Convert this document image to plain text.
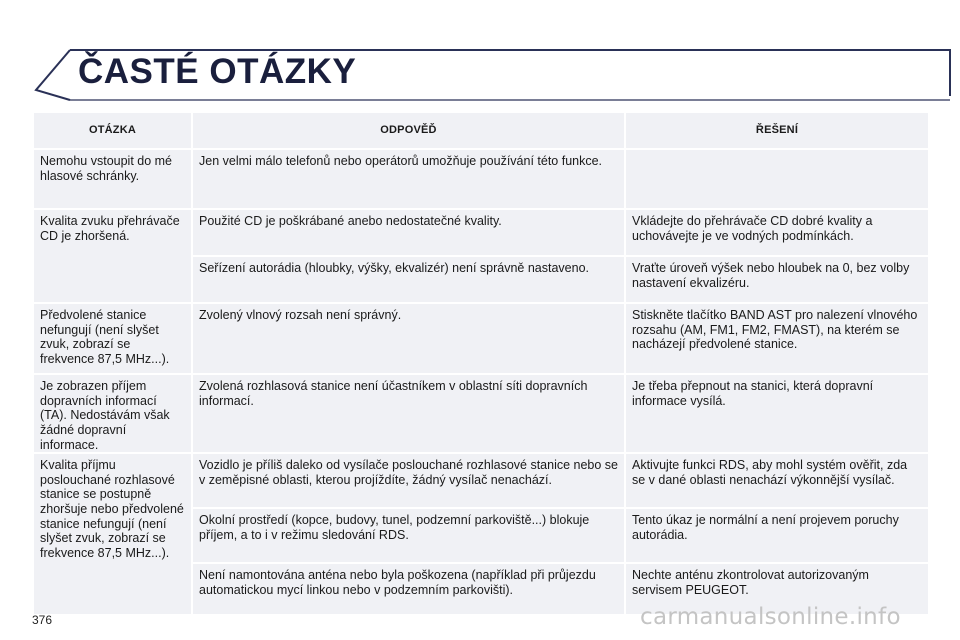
ČASTÉ OTÁZKY
OTÁZKA	ODPOVĚĎ	ŘEŠENÍ
Nemohu vstoupit do mé hlasové schránky.	Jen velmi málo telefonů nebo operátorů umožňuje používání této funkce.	
Kvalita zvuku přehrávače CD je zhoršená.	Použité CD je poškrábané anebo nedostatečné kvality.	Vkládejte do přehrávače CD dobré kvality a uchovávejte je ve vodných podmínkách.
	Seřízení autorádia (hloubky, výšky, ekvalizér) není správně nastaveno.	Vraťte úroveň výšek nebo hloubek na 0, bez volby nastavení ekvalizéru.
Předvolené stanice nefungují (není slyšet zvuk, zobrazí se frekvence 87,5 MHz...).	Zvolený vlnový rozsah není správný.	Stiskněte tlačítko BAND AST pro nalezení vlnového rozsahu (AM, FM1, FM2, FMAST), na kterém se nacházejí předvolené stanice.
Je zobrazen příjem dopravních informací (TA). Nedostávám však žádné dopravní informace.	Zvolená rozhlasová stanice není účastníkem v oblastní síti dopravních informací.	Je třeba přepnout na stanici, která dopravní informace vysílá.
Kvalita příjmu poslouchané rozhlasové stanice se postupně zhoršuje nebo předvolené stanice nefungují (není slyšet zvuk, zobrazí se frekvence 87,5 MHz...).	Vozidlo je příliš daleko od vysílače poslouchané rozhlasové stanice nebo se v zeměpisné oblasti, kterou projíždíte, žádný vysílač nenachází.	Aktivujte funkci RDS, aby mohl systém ověřit, zda se v dané oblasti nenachází výkonnější vysílač.
	Okolní prostředí (kopce, budovy, tunel, podzemní parkoviště...) blokuje příjem, a to i v režimu sledování RDS.	Tento úkaz je normální a není projevem poruchy autorádia.
	Není namontována anténa nebo byla poškozena (například při průjezdu automatickou mycí linkou nebo v podzemním parkovišti).	Nechte anténu zkontrolovat autorizovaným servisem PEUGEOT.
376	carmanualsonline.info
